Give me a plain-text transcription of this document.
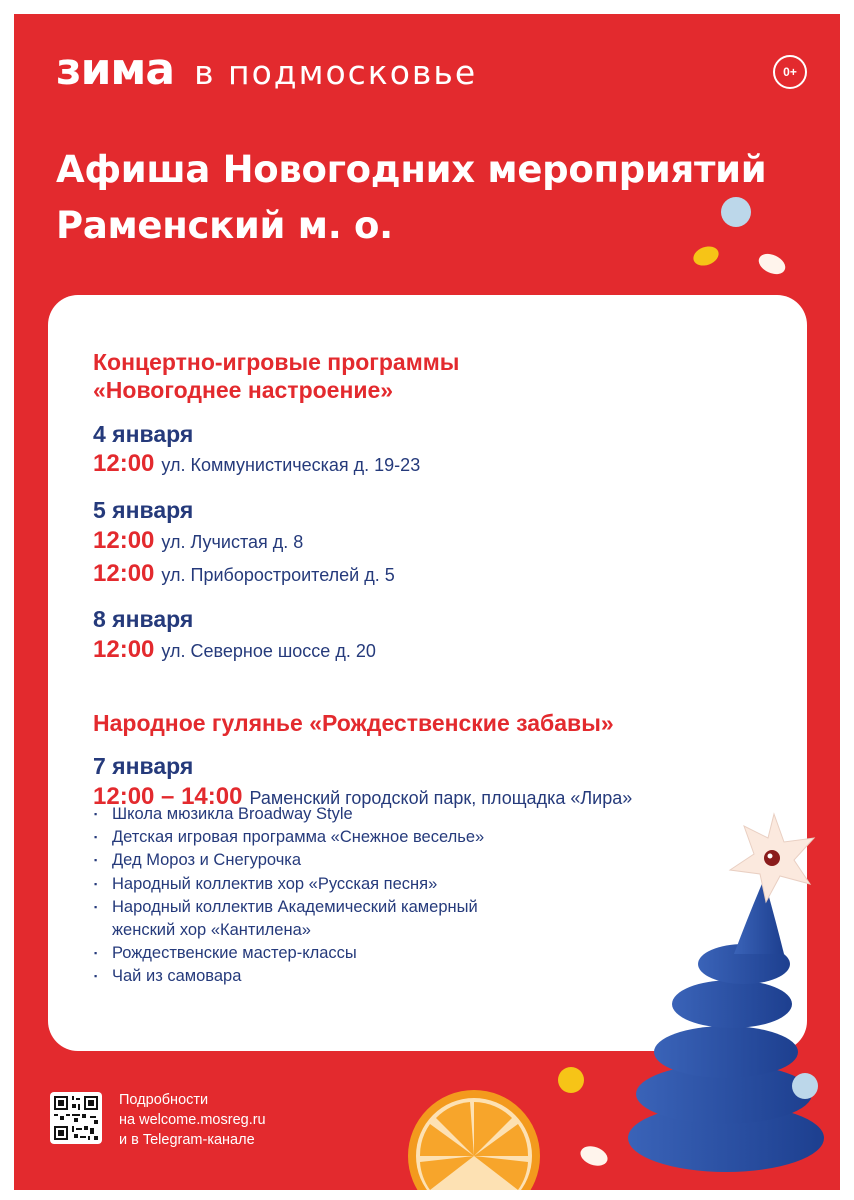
зима в подмосковье	0+
Афиша Новогодних мероприятий
Раменский м. о.
Подробности
на welcome.mosreg.ru
и в Telegram-канале
Концертно-игровые программы
«Новогоднее настроение»
4 января
12:00 ул. Коммунистическая д. 19-23
5 января
12:00 ул. Лучистая д. 8
12:00 ул. Приборостроителей д. 5
8 января
12:00 ул. Северное шоссе д. 20
Народное гулянье «Рождественские забавы»
7 января
12:00 – 14:00 Раменский городской парк, площадка «Лира»
▪ Школа мюзикла Broadway Style
▪ Детская игровая программа «Снежное веселье»
▪ Дед Мороз и Снегурочка
▪ Народный коллектив хор «Русская песня»
▪ Народный коллектив Академический камерный
женский хор «Кантилена»
▪ Рождественские мастер-классы
▪ Чай из самовара
